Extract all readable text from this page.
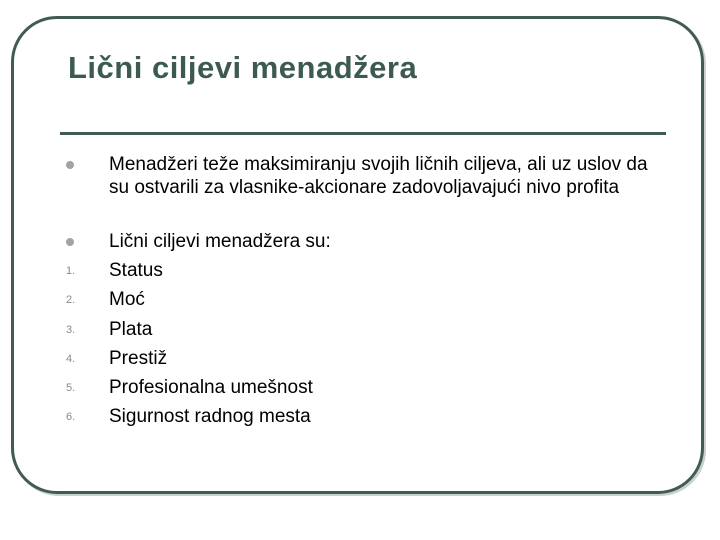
Lični ciljevi menadžera
Menadžeri teže maksimiranju svojih ličnih ciljeva, ali uz uslov da su ostvarili za vlasnike-akcionare zadovoljavajući nivo profita
Lični ciljevi menadžera su:
1. Status
2. Moć
3. Plata
4. Prestiž
5. Profesionalna umešnost
6. Sigurnost radnog mesta
